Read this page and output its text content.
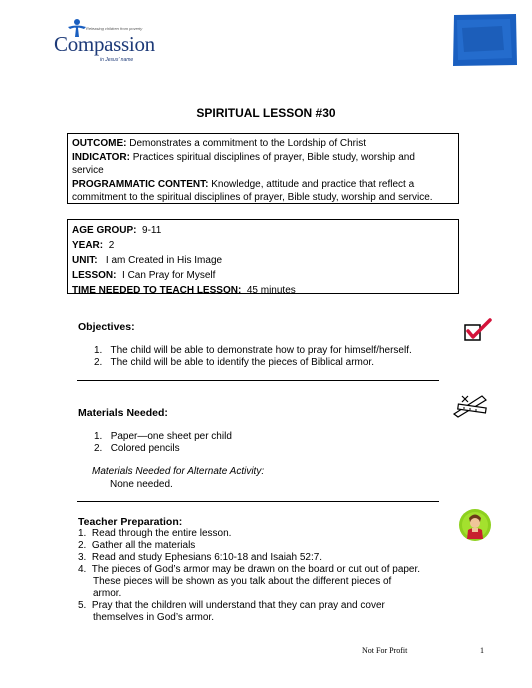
Releasing children from poverty
Compassion
in Jesus' name
SPIRITUAL LESSON #30

OUTCOME: Demonstrates a commitment to the Lordship of Christ

INDICATOR: Practices spiritual disciplines of prayer, Bible study, worship and
service

PROGRAMMATIC CONTENT: Knowledge, attitude and practice that reflect a
commitment to the spiritual disciplines of prayer, Bible study, worship and service.

AGE GROUP: 9-11

YEAR: 2

UNIT: I am Created in His Image

LESSON: I Can Pray for Myself

TIME NEEDED TO TEACH LESSON: 45 minutes

Objectives:
1.   The child will be able to demonstrate how to pray for himself/herself.
2.   The child will be able to identify the pieces of Biblical armor.
Materials Needed:
1.   Paper—one sheet per child
2.   Colored pencils
Materials Needed for Alternate Activity:
None needed.
Teacher Preparation:
1.  Read through the entire lesson.
2.  Gather all the materials
3.  Read and study Ephesians 6:10-18 and Isaiah 52:7.
4.  The pieces of God’s armor may be drawn on the board or cut out of paper.
These pieces will be shown as you talk about the different pieces of
armor.
5.  Pray that the children will understand that they can pray and cover
themselves in God’s armor.
Not For Profit	1
